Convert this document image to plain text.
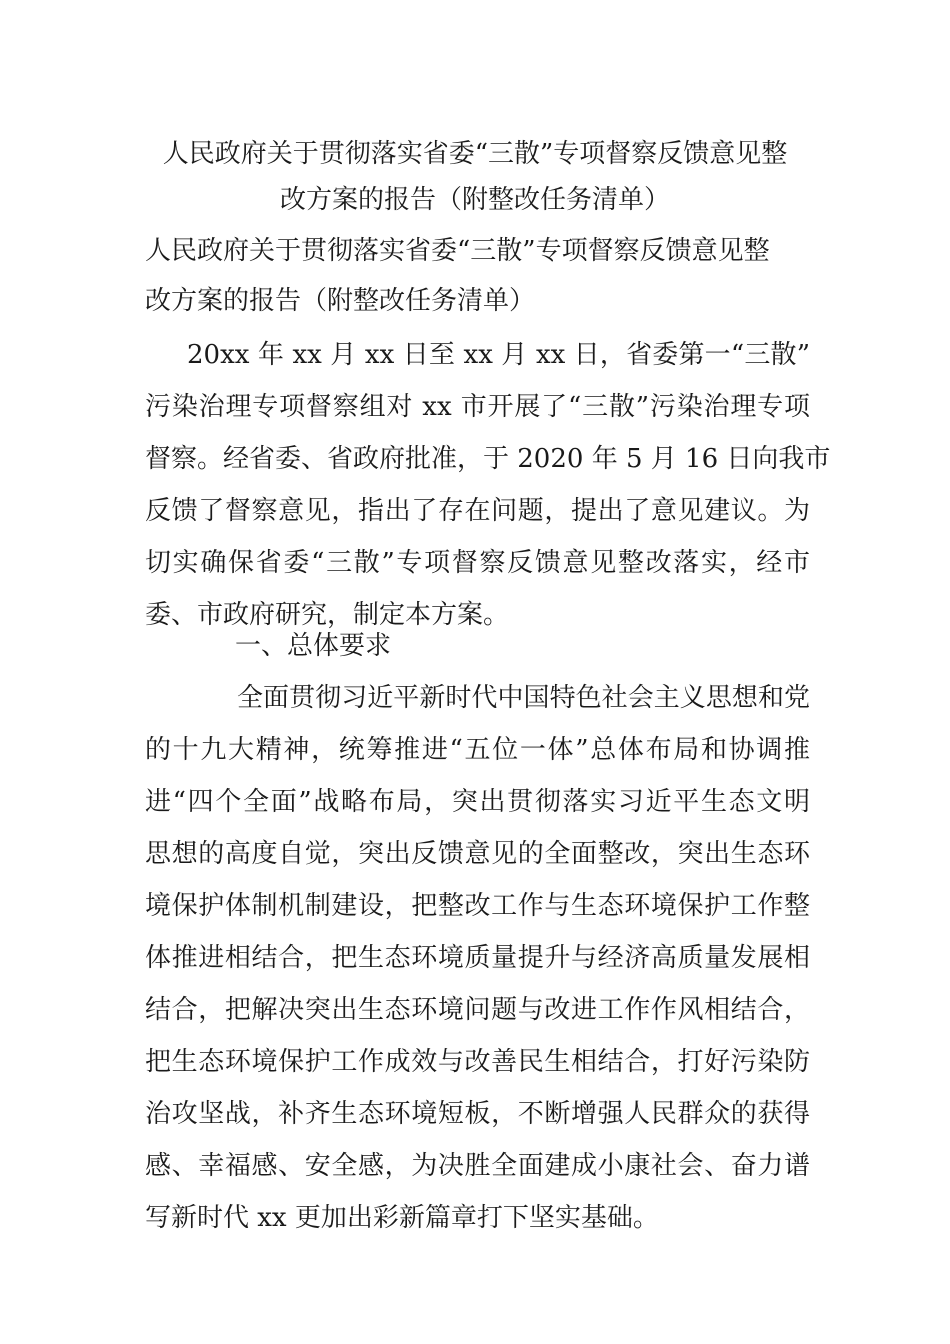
人民政府关于贯彻落实省委“三散”专项督察反馈意见整
改方案的报告（附整改任务清单）
人民政府关于贯彻落实省委“三散”专项督察反馈意见整
改方案的报告（附整改任务清单）
20xx 年 xx 月 xx 日至 xx 月 xx 日，省委第一“三散”
污染治理专项督察组对 xx 市开展了“三散”污染治理专项
督察。经省委、省政府批准，于 2020 年 5 月 16 日向我市
反馈了督察意见，指出了存在问题，提出了意见建议。为
切实确保省委“三散”专项督察反馈意见整改落实，经市
委、市政府研究，制定本方案。
一、总体要求
全面贯彻习近平新时代中国特色社会主义思想和党
的十九大精神，统筹推进“五位一体”总体布局和协调推
进“四个全面”战略布局，突出贯彻落实习近平生态文明
思想的高度自觉，突出反馈意见的全面整改，突出生态环
境保护体制机制建设，把整改工作与生态环境保护工作整
体推进相结合，把生态环境质量提升与经济高质量发展相
结合，把解决突出生态环境问题与改进工作作风相结合，
把生态环境保护工作成效与改善民生相结合，打好污染防
治攻坚战，补齐生态环境短板，不断增强人民群众的获得
感、幸福感、安全感，为决胜全面建成小康社会、奋力谱
写新时代 xx 更加出彩新篇章打下坚实基础。
